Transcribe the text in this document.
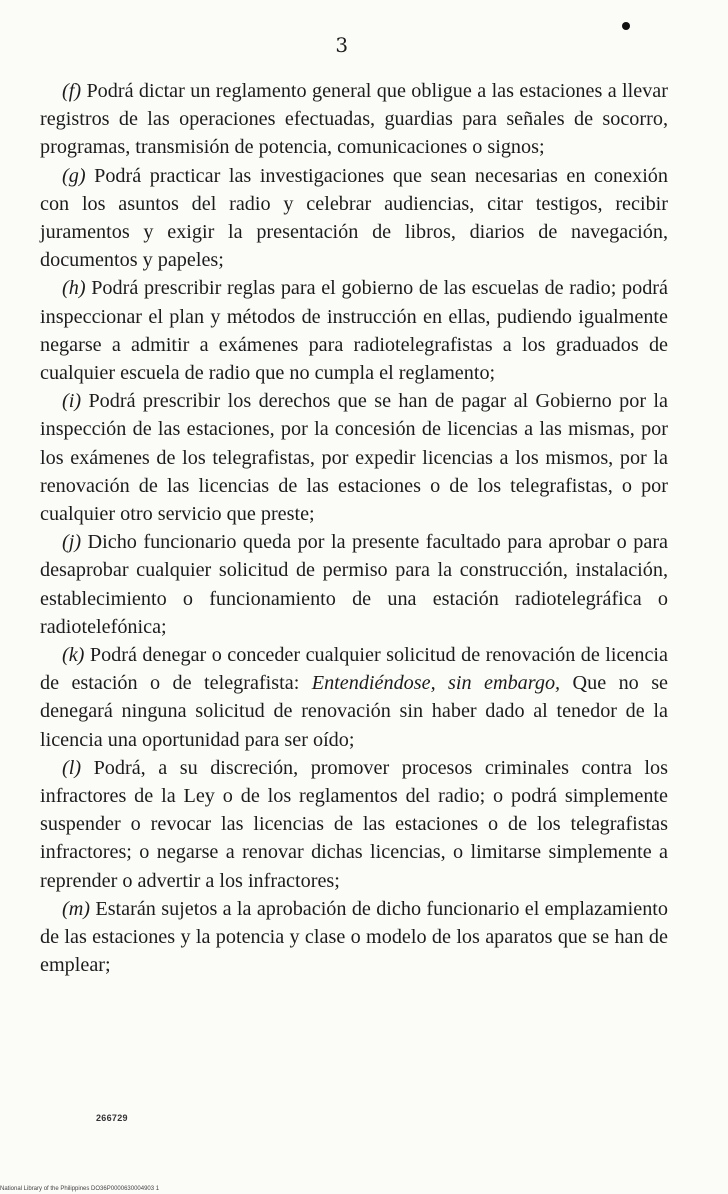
3

(f) Podrá dictar un reglamento general que obligue a las estaciones a llevar registros de las operaciones efectuadas, guardias para señales de socorro, programas, transmisión de potencia, comunicaciones o signos;

(g) Podrá practicar las investigaciones que sean necesarias en conexión con los asuntos del radio y celebrar audiencias, citar testigos, recibir juramentos y exigir la presentación de libros, diarios de navegación, documentos y papeles;

(h) Podrá prescribir reglas para el gobierno de las escuelas de radio; podrá inspeccionar el plan y métodos de instrucción en ellas, pudiendo igualmente negarse a admitir a exámenes para radiotelegrafistas a los graduados de cualquier escuela de radio que no cumpla el reglamento;

(i) Podrá prescribir los derechos que se han de pagar al Gobierno por la inspección de las estaciones, por la concesión de licencias a las mismas, por los exámenes de los telegrafistas, por expedir licencias a los mismos, por la renovación de las licencias de las estaciones o de los telegrafistas, o por cualquier otro servicio que preste;

(j) Dicho funcionario queda por la presente facultado para aprobar o para desaprobar cualquier solicitud de permiso para la construcción, instalación, establecimiento o funcionamiento de una estación radiotelegráfica o radiotelefónica;

(k) Podrá denegar o conceder cualquier solicitud de renovación de licencia de estación o de telegrafista: Entendiéndose, sin embargo, Que no se denegará ninguna solicitud de renovación sin haber dado al tenedor de la licencia una oportunidad para ser oído;

(l) Podrá, a su discreción, promover procesos criminales contra los infractores de la Ley o de los reglamentos del radio; o podrá simplemente suspender o revocar las licencias de las estaciones o de los telegrafistas infractores; o negarse a renovar dichas licencias, o limitarse simplemente a reprender o advertir a los infractores;

(m) Estarán sujetos a la aprobación de dicho funcionario el emplazamiento de las estaciones y la potencia y clase o modelo de los aparatos que se han de emplear;

266729
National Library of the Philippines DO36P0000630004903 1
